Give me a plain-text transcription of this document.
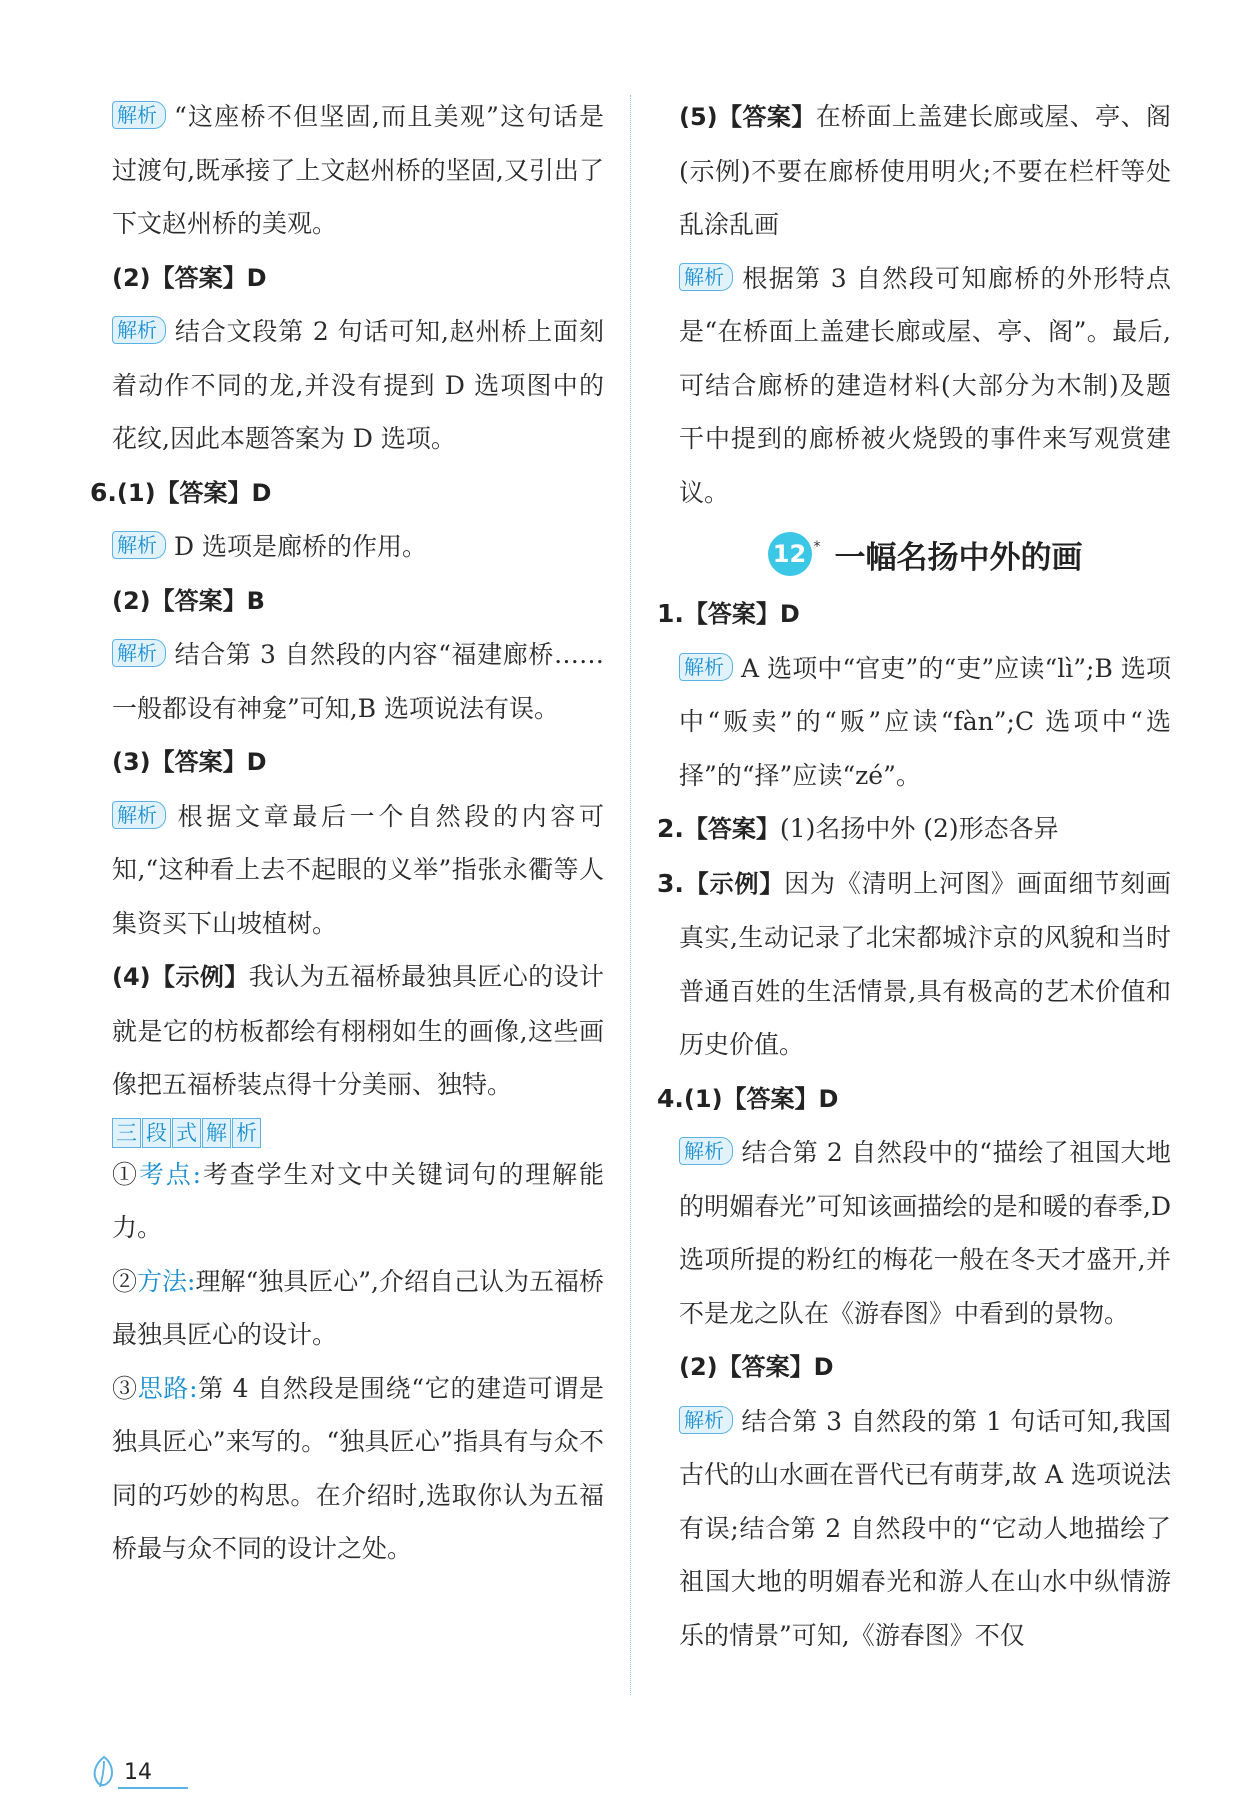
解析 “这座桥不但坚固,而且美观”这句话是过渡句,既承接了上文赵州桥的坚固,又引出了下文赵州桥的美观。

(2)【答案】D

解析 结合文段第 2 句话可知,赵州桥上面刻着动作不同的龙,并没有提到 D 选项图中的花纹,因此本题答案为 D 选项。

6.(1)【答案】D

解析 D 选项是廊桥的作用。

(2)【答案】B

解析 结合第 3 自然段的内容“福建廊桥……一般都设有神龛”可知,B 选项说法有误。

(3)【答案】D

解析 根据文章最后一个自然段的内容可知,“这种看上去不起眼的义举”指张永衢等人集资买下山坡植树。

(4)【示例】我认为五福桥最独具匠心的设计就是它的枋板都绘有栩栩如生的画像,这些画像把五福桥装点得十分美丽、独特。

三 段 式 解 析

①考点:考查学生对文中关键词句的理解能力。

②方法:理解“独具匠心”,介绍自己认为五福桥最独具匠心的设计。

③思路:第 4 自然段是围绕“它的建造可谓是独具匠心”来写的。“独具匠心”指具有与众不同的巧妙的构思。在介绍时,选取你认为五福桥最与众不同的设计之处。

(5)【答案】在桥面上盖建长廊或屋、亭、阁 (示例)不要在廊桥使用明火;不要在栏杆等处乱涂乱画

解析 根据第 3 自然段可知廊桥的外形特点是“在桥面上盖建长廊或屋、亭、阁”。最后,可结合廊桥的建造材料(大部分为木制)及题干中提到的廊桥被火烧毁的事件来写观赏建议。

12 * 一幅名扬中外的画

1.【答案】D

解析 A 选项中“官吏”的“吏”应读“lì”;B 选项中“贩卖”的“贩”应读“fàn”;C 选项中“选择”的“择”应读“zé”。

2.【答案】(1)名扬中外 (2)形态各异

3.【示例】因为《清明上河图》画面细节刻画真实,生动记录了北宋都城汴京的风貌和当时普通百姓的生活情景,具有极高的艺术价值和历史价值。

4.(1)【答案】D

解析 结合第 2 自然段中的“描绘了祖国大地的明媚春光”可知该画描绘的是和暖的春季,D 选项所提的粉红的梅花一般在冬天才盛开,并不是龙之队在《游春图》中看到的景物。

(2)【答案】D

解析 结合第 3 自然段的第 1 句话可知,我国古代的山水画在晋代已有萌芽,故 A 选项说法有误;结合第 2 自然段中的“它动人地描绘了祖国大地的明媚春光和游人在山水中纵情游乐的情景”可知,《游春图》不仅

14
